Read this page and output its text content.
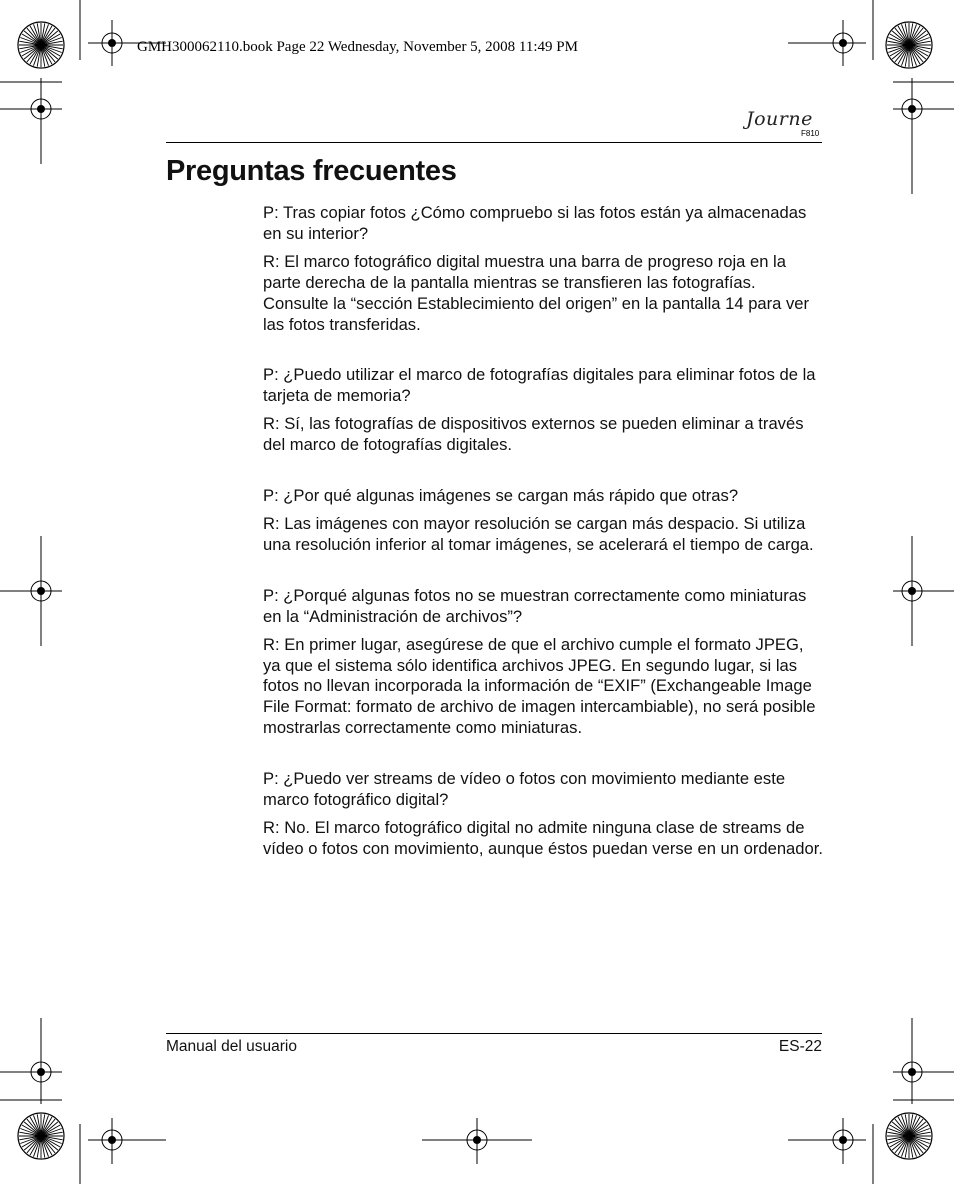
GMH300062110.book Page 22 Wednesday, November 5, 2008 11:49 PM
Journe
F810
Preguntas frecuentes

P: Tras copiar fotos ¿Cómo compruebo si las fotos están ya almacenadas en su interior?

R: El marco fotográfico digital muestra una barra de progreso roja en la parte derecha de la pantalla mientras se transfieren las fotografías. Consulte la “sección Establecimiento del origen” en la pantalla 14 para ver las fotos transferidas.

P: ¿Puedo utilizar el marco de fotografías digitales para eliminar fotos de la tarjeta de memoria?

R: Sí, las fotografías de dispositivos externos se pueden eliminar a través del marco de fotografías digitales.

P: ¿Por qué algunas imágenes se cargan más rápido que otras?

R: Las imágenes con mayor resolución se cargan más despacio. Si utiliza una resolución inferior al tomar imágenes, se acelerará el tiempo de carga.

P: ¿Porqué algunas fotos no se muestran correctamente como miniaturas en la “Administración de archivos”?

R: En primer lugar, asegúrese de que el archivo cumple el formato JPEG, ya que el sistema sólo identifica archivos JPEG. En segundo lugar, si las fotos no llevan incorporada la información de “EXIF” (Exchangeable Image File Format: formato de archivo de imagen intercambiable), no será posible mostrarlas correctamente como miniaturas.

P: ¿Puedo ver streams de vídeo o fotos con movimiento mediante este marco fotográfico digital?

R: No. El marco fotográfico digital no admite ninguna clase de streams de vídeo o fotos con movimiento, aunque éstos puedan verse en un ordenador.

Manual del usuario	ES-22
